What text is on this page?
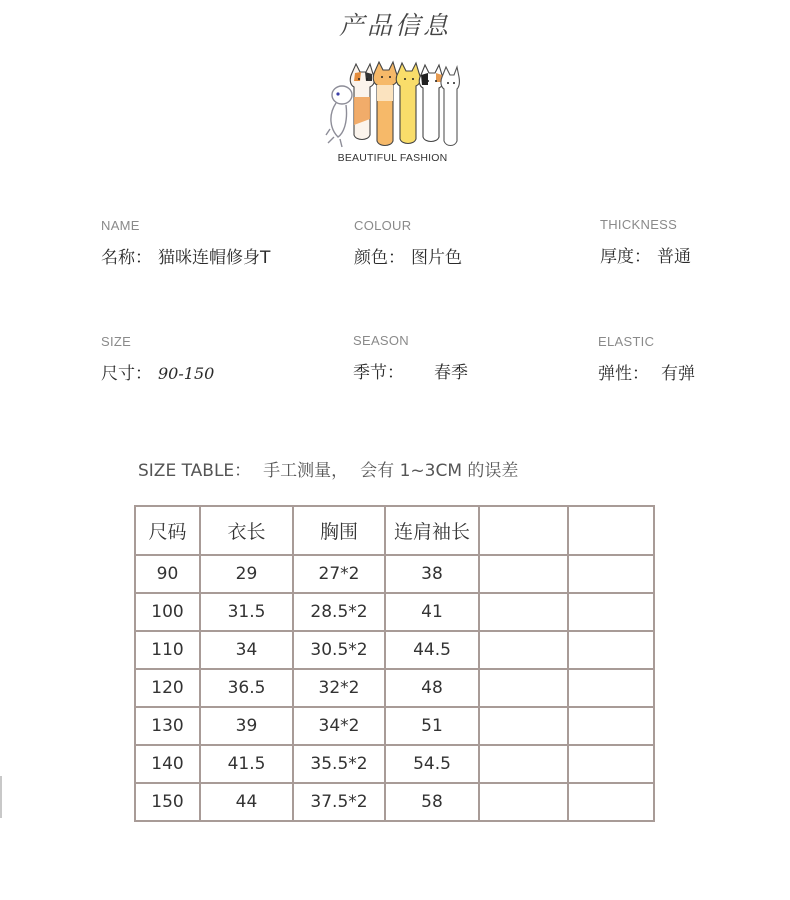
产品信息
BEAUTIFUL FASHION
NAME
名称： 猫咪连帽修身T
COLOUR
颜色： 图片色
THICKNESS
厚度： 普通
SIZE
尺寸： 90-150
SEASON
季节： 春季
ELASTIC
弹性： 有弹
SIZE TABLE： 手工测量， 会有 1~3CM 的误差
尺码	衣长	胸围	连肩袖长		
90	29	27*2	38		
100	31.5	28.5*2	41		
110	34	30.5*2	44.5		
120	36.5	32*2	48		
130	39	34*2	51		
140	41.5	35.5*2	54.5		
150	44	37.5*2	58		
